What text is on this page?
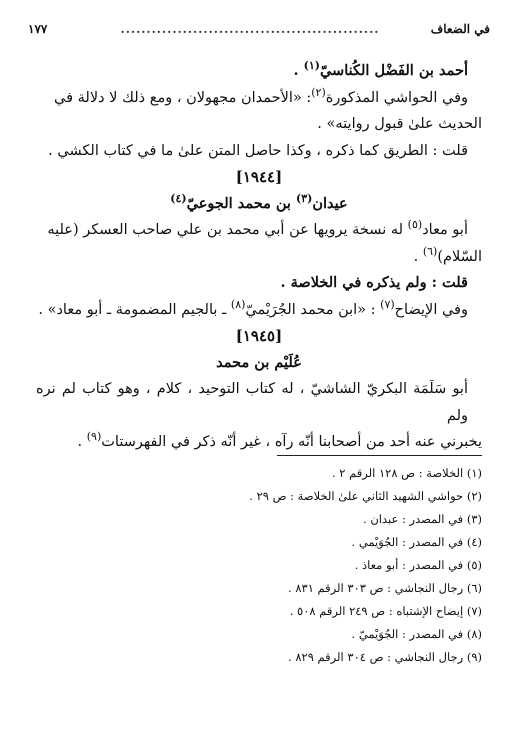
في الضعاف
..................................................
١٧٧

أحمد بن الفَضْل الكُناسيّ$^{(١)}$ .

وفي الحواشي المذكورة$^{(٢)}$: «الأحمدان مجهولان ، ومع ذلك لا دلالة في

الحديث علىٰ قبول روايته» .

قلت : الطريق كما ذكره ، وكذا حاصل المتن علىٰ ما في كتاب الكشي .

[١٩٤٤]

عيدان$^{(٣)}$ بن محمد الجوعيّ$^{(٤)}$

أبو معاد$^{(٥)}$ له نسخة يرويها عن أبي محمد بن علي صاحب العسكر (عليه

السّلام)$^{(٦)}$ .

قلت : ولم يذكره في الخلاصة .

وفي الإيضاح$^{(٧)}$ : «ابن محمد الجُرَيْميّ$^{(٨)}$ ـ بالجيم المضمومة ـ أبو معاد» .

[١٩٤٥]

عُلَيْم بن محمد

أبو سَلَمَة البكريّ الشاشيّ ، له كتاب التوحيد ، كلام ، وهو كتاب لم نره ولم

يخبرني عنه أحد من أصحابنا أنّه رآه ، غير أنّه ذكر في الفهرستات$^{(٩)}$ .

(١) الخلاصة : ص ١٢٨ الرقم ٢ .
(٢) حواشي الشهيد الثاني علىٰ الخلاصة : ص ٢٩ .
(٣) في المصدر : عبدان .
(٤) في المصدر : الجُوَيْمي .
(٥) في المصدر : أبو معاذ .
(٦) رجال النجاشي : ص ٣٠٣ الرقم ٨٣١ .
(٧) إيضاح الإشتباه : ص ٢٤٩ الرقم ٥٠٨ .
(٨) في المصدر : الجُوَيْميّ .
(٩) رجال النجاشي : ص ٣٠٤ الرقم ٨٢٩ .
